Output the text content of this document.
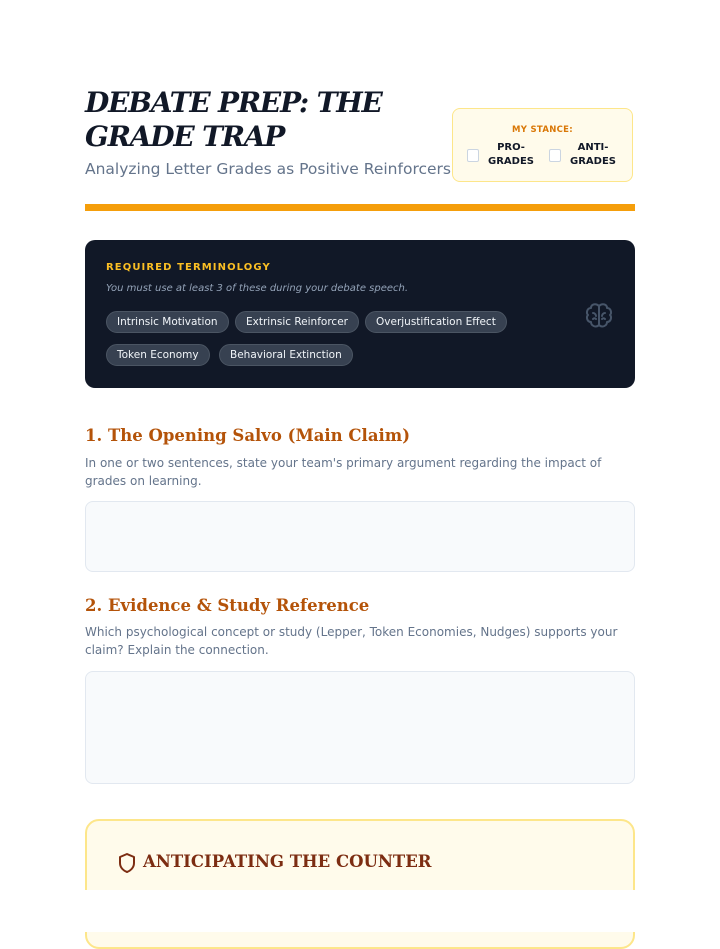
DEBATE PREP: THE GRADE TRAP
Analyzing Letter Grades as Positive Reinforcers
MY STANCE:
PRO-
GRADES
ANTI-
GRADES
REQUIRED TERMINOLOGY
You must use at least 3 of these during your debate speech.
Intrinsic Motivation	Extrinsic Reinforcer	Overjustification Effect
Token Economy	Behavioral Extinction
1. The Opening Salvo (Main Claim)
In one or two sentences, state your team's primary argument regarding the impact of grades on learning.
2. Evidence & Study Reference
Which psychological concept or study (Lepper, Token Economies, Nudges) supports your claim? Explain the connection.
ANTICIPATING THE COUNTER
